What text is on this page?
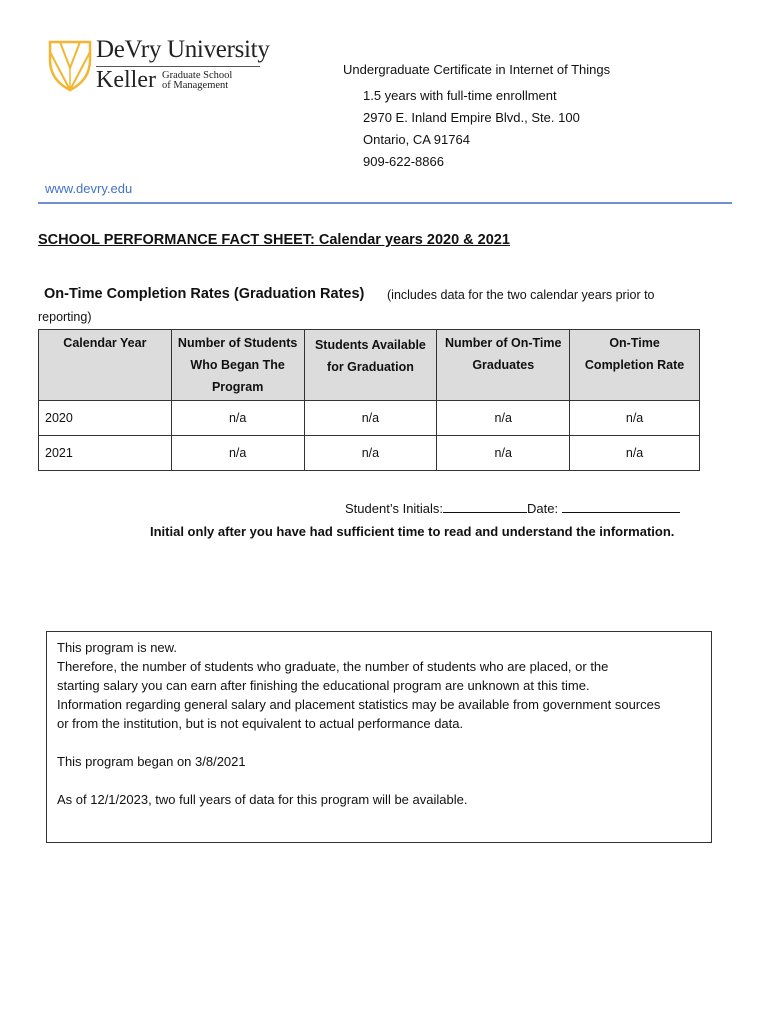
DeVry University
Keller Graduate School
of Management
Undergraduate Certificate in Internet of Things
1.5 years with full-time enrollment
2970 E. Inland Empire Blvd., Ste. 100
Ontario, CA 91764
909-622-8866
www.devry.edu
SCHOOL PERFORMANCE FACT SHEET: Calendar years 2020 & 2021
On-Time Completion Rates (Graduation Rates) (includes data for the two calendar years prior to
reporting)
Calendar Year	Number of Students Who Began The Program	Students Available for Graduation	Number of On-Time Graduates	On-Time Completion Rate
2020	n/a	n/a	n/a	n/a
2021	n/a	n/a	n/a	n/a
Student’s Initials:	Date:
Initial only after you have had sufficient time to read and understand the information.

This program is new.

Therefore, the number of students who graduate, the number of students who are placed, or the

starting salary you can earn after finishing the educational program are unknown at this time.

Information regarding general salary and placement statistics may be available from government sources

or from the institution, but is not equivalent to actual performance data.

This program began on 3/8/2021

As of 12/1/2023, two full years of data for this program will be available.
